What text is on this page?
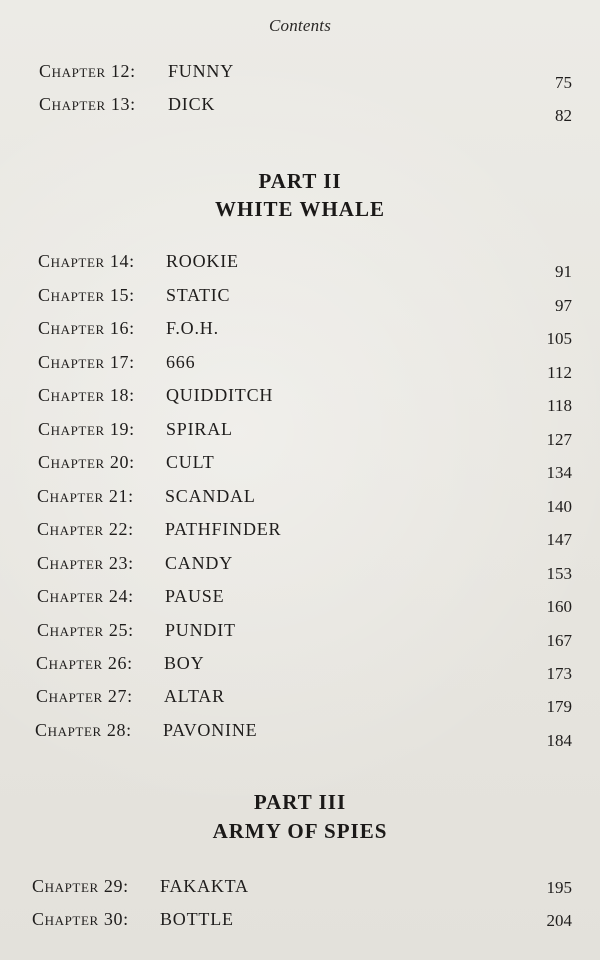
Contents
Chapter 12: FUNNY
75
Chapter 13: DICK
82
PART II
WHITE WHALE
Chapter 14: ROOKIE
91
Chapter 15: STATIC
97
Chapter 16: F.O.H.
105
Chapter 17: 666
112
Chapter 18: QUIDDITCH
118
Chapter 19: SPIRAL
127
Chapter 20: CULT
134
Chapter 21: SCANDAL
140
Chapter 22: PATHFINDER
147
Chapter 23: CANDY
153
Chapter 24: PAUSE
160
Chapter 25: PUNDIT
167
Chapter 26: BOY
173
Chapter 27: ALTAR
179
Chapter 28: PAVONINE
184
PART III
ARMY OF SPIES
Chapter 29: FAKAKTA	195
Chapter 30: BOTTLE	204
